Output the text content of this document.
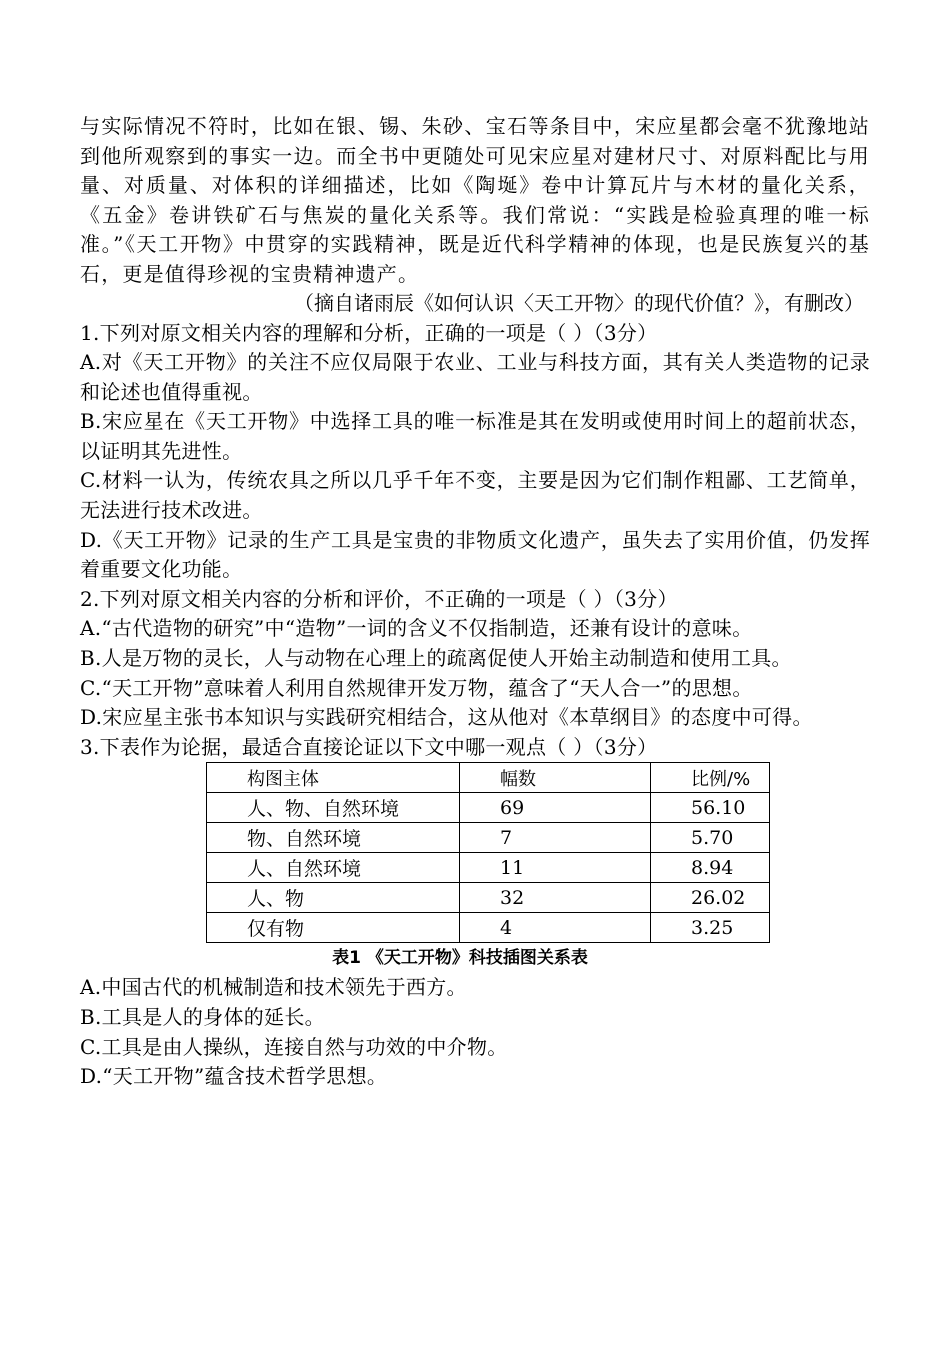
与实际情况不符时，比如在银、锡、朱砂、宝石等条目中，宋应星都会毫不犹豫地站到他所观察到的事实一边。而全书中更随处可见宋应星对建材尺寸、对原料配比与用量、对质量、对体积的详细描述，比如《陶埏》卷中计算瓦片与木材的量化关系，《五金》卷讲铁矿石与焦炭的量化关系等。我们常说：“实践是检验真理的唯一标准。”《天工开物》中贯穿的实践精神，既是近代科学精神的体现，也是民族复兴的基石，更是值得珍视的宝贵精神遗产。

（摘自诸雨辰《如何认识〈天工开物〉的现代价值？》，有删改）

1.下列对原文相关内容的理解和分析，正确的一项是（ ）（3分）

A.对《天工开物》的关注不应仅局限于农业、工业与科技方面，其有关人类造物的记录和论述也值得重视。

B.宋应星在《天工开物》中选择工具的唯一标准是其在发明或使用时间上的超前状态，以证明其先进性。

C.材料一认为，传统农具之所以几乎千年不变，主要是因为它们制作粗鄙、工艺简单，无法进行技术改进。

D.《天工开物》记录的生产工具是宝贵的非物质文化遗产，虽失去了实用价值，仍发挥着重要文化功能。

2.下列对原文相关内容的分析和评价，不正确的一项是（ ）（3分）

A.“古代造物的研究”中“造物”一词的含义不仅指制造，还兼有设计的意味。

B.人是万物的灵长，人与动物在心理上的疏离促使人开始主动制造和使用工具。

C.“天工开物”意味着人利用自然规律开发万物，蕴含了“天人合一”的思想。

D.宋应星主张书本知识与实践研究相结合，这从他对《本草纲目》的态度中可得。

3.下表作为论据，最适合直接论证以下文中哪一观点（ ）（3分）

构图主体	幅数	比例/%
人、物、自然环境	69	56.10
物、自然环境	7	5.70
人、自然环境	11	8.94
人、物	32	26.02
仅有物	4	3.25

表1 《天工开物》科技插图关系表

A.中国古代的机械制造和技术领先于西方。

B.工具是人的身体的延长。

C.工具是由人操纵，连接自然与功效的中介物。

D.“天工开物”蕴含技术哲学思想。
